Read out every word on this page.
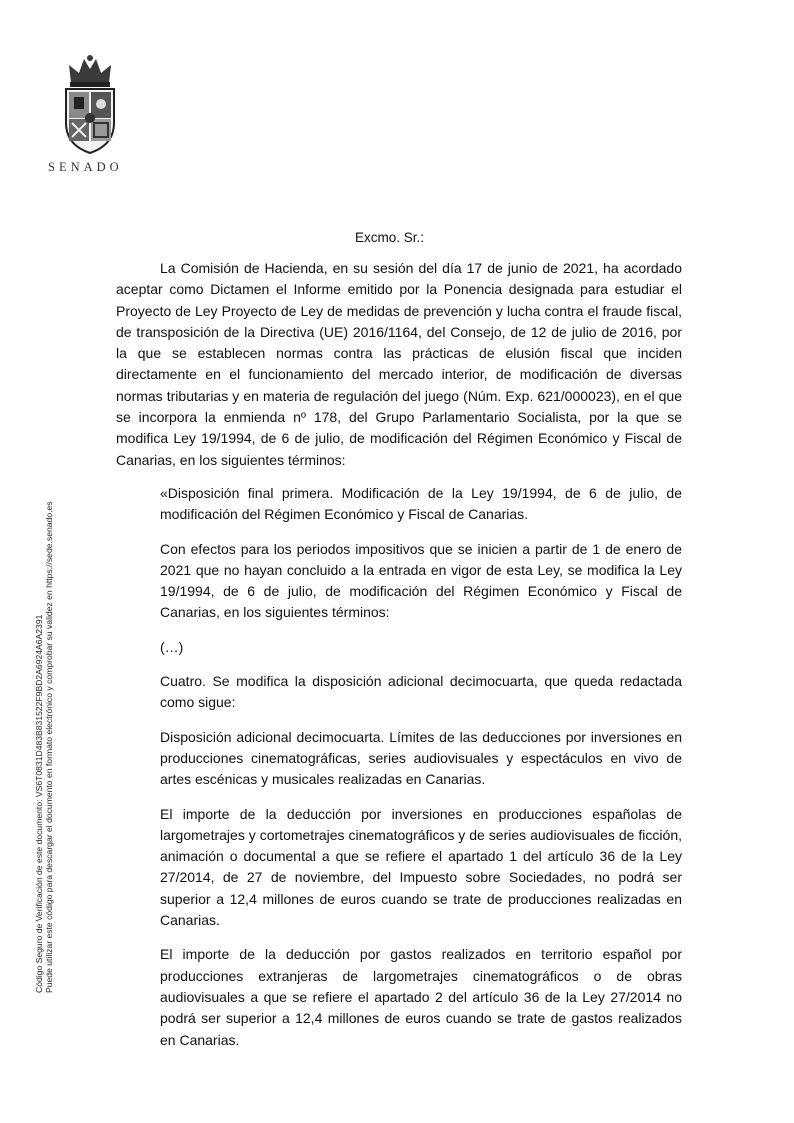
SENADO
Código Seguro de Verificación de este documento: VS6T0831D483B831522F9BD2A6924A6A2391 Puede utilizar este código para descargar el documento en formato electrónico y comprobar su validez en https://sede.senado.es
Excmo. Sr.:

La Comisión de Hacienda, en su sesión del día 17 de junio de 2021, ha acordado aceptar como Dictamen el Informe emitido por la Ponencia designada para estudiar el Proyecto de Ley Proyecto de Ley de medidas de prevención y lucha contra el fraude fiscal, de transposición de la Directiva (UE) 2016/1164, del Consejo, de 12 de julio de 2016, por la que se establecen normas contra las prácticas de elusión fiscal que inciden directamente en el funcionamiento del mercado interior, de modificación de diversas normas tributarias y en materia de regulación del juego (Núm. Exp. 621/000023), en el que se incorpora la enmienda nº 178, del Grupo Parlamentario Socialista, por la que se modifica Ley 19/1994, de 6 de julio, de modificación del Régimen Económico y Fiscal de Canarias, en los siguientes términos:

«Disposición final primera. Modificación de la Ley 19/1994, de 6 de julio, de modificación del Régimen Económico y Fiscal de Canarias.

Con efectos para los periodos impositivos que se inicien a partir de 1 de enero de 2021 que no hayan concluido a la entrada en vigor de esta Ley, se modifica la Ley 19/1994, de 6 de julio, de modificación del Régimen Económico y Fiscal de Canarias, en los siguientes términos:

(…)

Cuatro. Se modifica la disposición adicional decimocuarta, que queda redactada como sigue:

Disposición adicional decimocuarta. Límites de las deducciones por inversiones en producciones cinematográficas, series audiovisuales y espectáculos en vivo de artes escénicas y musicales realizadas en Canarias.

El importe de la deducción por inversiones en producciones españolas de largometrajes y cortometrajes cinematográficos y de series audiovisuales de ficción, animación o documental a que se refiere el apartado 1 del artículo 36 de la Ley 27/2014, de 27 de noviembre, del Impuesto sobre Sociedades, no podrá ser superior a 12,4 millones de euros cuando se trate de producciones realizadas en Canarias.

El importe de la deducción por gastos realizados en territorio español por producciones extranjeras de largometrajes cinematográficos o de obras audiovisuales a que se refiere el apartado 2 del artículo 36 de la Ley 27/2014 no podrá ser superior a 12,4 millones de euros cuando se trate de gastos realizados en Canarias.
